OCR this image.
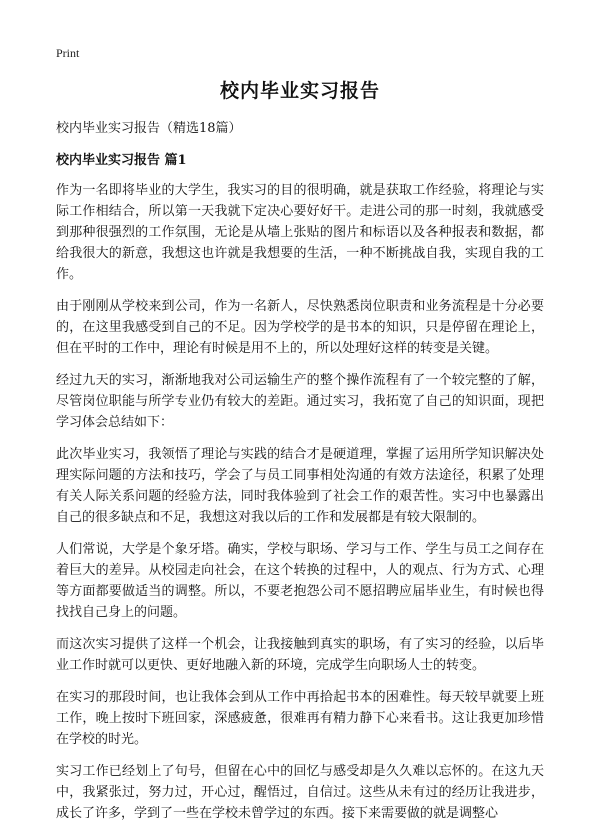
Print
校内毕业实习报告

校内毕业实习报告（精选18篇）

校内毕业实习报告 篇1

作为一名即将毕业的大学生，我实习的目的很明确，就是获取工作经验，将理论与实际工作相结合，所以第一天我就下定决心要好好干。走进公司的那一时刻，我就感受到那种很强烈的工作氛围，无论是从墙上张贴的图片和标语以及各种报表和数据，都给我很大的新意，我想这也许就是我想要的生活，一种不断挑战自我，实现自我的工作。

由于刚刚从学校来到公司，作为一名新人，尽快熟悉岗位职责和业务流程是十分必要的，在这里我感受到自己的不足。因为学校学的是书本的知识，只是停留在理论上，但在平时的工作中，理论有时候是用不上的，所以处理好这样的转变是关键。

经过九天的实习，渐渐地我对公司运输生产的整个操作流程有了一个较完整的了解，尽管岗位职能与所学专业仍有较大的差距。通过实习，我拓宽了自己的知识面，现把学习体会总结如下：

此次毕业实习，我领悟了理论与实践的结合才是硬道理，掌握了运用所学知识解决处理实际问题的方法和技巧，学会了与员工同事相处沟通的有效方法途径，积累了处理有关人际关系问题的经验方法，同时我体验到了社会工作的艰苦性。实习中也暴露出自己的很多缺点和不足，我想这对我以后的工作和发展都是有较大限制的。

人们常说，大学是个象牙塔。确实，学校与职场、学习与工作、学生与员工之间存在着巨大的差异。从校园走向社会，在这个转换的过程中，人的观点、行为方式、心理等方面都要做适当的调整。所以，不要老抱怨公司不愿招聘应届毕业生，有时候也得找找自己身上的问题。

而这次实习提供了这样一个机会，让我接触到真实的职场，有了实习的经验，以后毕业工作时就可以更快、更好地融入新的环境，完成学生向职场人士的转变。

在实习的那段时间，也让我体会到从工作中再拾起书本的困难性。每天较早就要上班工作，晚上按时下班回家，深感疲惫，很难再有精力静下心来看书。这让我更加珍惜在学校的时光。

实习工作已经划上了句号，但留在心中的回忆与感受却是久久难以忘怀的。在这九天中，我紧张过，努力过，开心过，醒悟过，自信过。这些从未有过的经历让我进步，成长了许多，学到了一些在学校未曾学过的东西。接下来需要做的就是调整心
